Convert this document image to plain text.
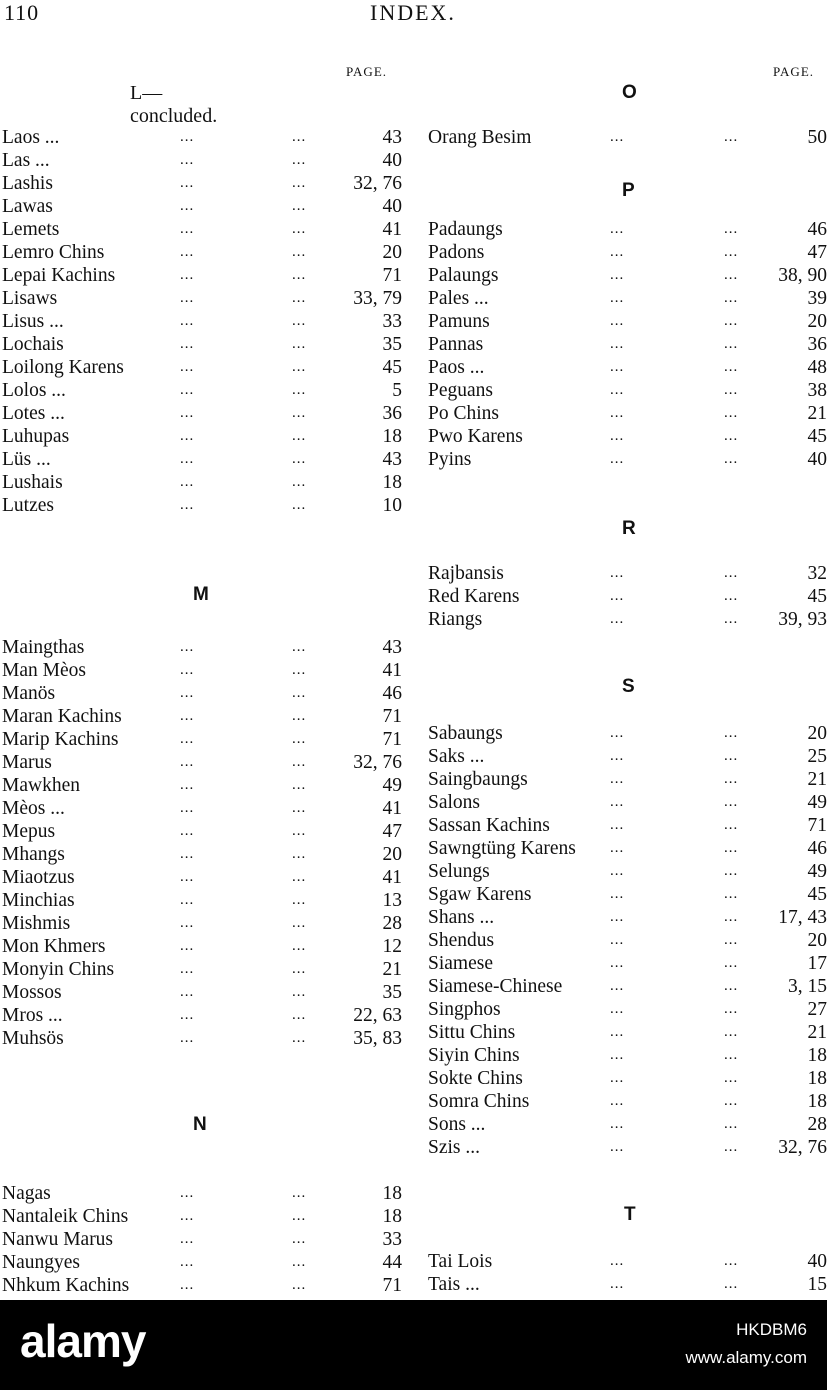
110	INDEX.
PAGE.	PAGE.
L—concluded.
Laos ...	...	...	43
Las ...	...	...	40
Lashis	...	... 32, 76
Lawas	...	...	40
Lemets	...	...	41
Lemro Chins	...	...	20
Lepai Kachins	...	...	71
Lisaws	...	... 33, 79
Lisus ...	...	...	33
Lochais	...	...	35
Loilong Karens	...	...	45
Lolos ...	...	...	5
Lotes ...	...	...	36
Luhupas	...	...	18
Lüs ...	...	...	43
Lushais	...	...	18
Lutzes	...	...	10
M
Maingthas	...	...	43
Man Mèos	...	...	41
Manös	...	...	46
Maran Kachins	...	...	71
Marip Kachins	...	...	71
Marus	...	... 32, 76
Mawkhen	...	...	49
Mèos ...	...	...	41
Mepus	...	...	47
Mhangs	...	...	20
Miaotzus	...	...	41
Minchias	...	...	13
Mishmis	...	...	28
Mon Khmers	...	...	12
Monyin Chins	...	...	21
Mossos	...	...	35
Mros ...	...	... 22, 63
Muhsös	...	... 35, 83
N
Nagas	...	...	18
Nantaleik Chins	...	...	18
Nanwu Marus	...	...	33
Naungyes	...	...	44
Nhkum Kachins	...	...	71
O
Orang Besim	...	...	50
P
Padaungs	...	...	46
Padons	...	...	47
Palaungs	...	... 38, 90
Pales ...	...	...	39
Pamuns	...	...	20
Pannas	...	...	36
Paos ...	...	...	48
Peguans	...	...	38
Po Chins	...	...	21
Pwo Karens	...	...	45
Pyins	...	...	40
R
Rajbansis	...	...	32
Red Karens	...	...	45
Riangs	...	... 39, 93
S
Sabaungs	...	...	20
Saks ...	...	...	25
Saingbaungs	...	...	21
Salons	...	...	49
Sassan Kachins	...	...	71
Sawngtüng Karens ...	...	46
Selungs	...	...	49
Sgaw Karens	...	...	45
Shans ...	...	... 17, 43
Shendus	...	...	20
Siamese	...	...	17
Siamese-Chinese	...	...	3, 15
Singphos	...	...	27
Sittu Chins	...	...	21
Siyin Chins	...	...	18
Sokte Chins	...	...	18
Somra Chins	...	...	18
Sons ...	...	...	28
Szis ...	...	... 32, 76
T
Tai Lois	...	...	40
Tais ...	...	...	15
alamy	HKDBM6
www.alamy.com
